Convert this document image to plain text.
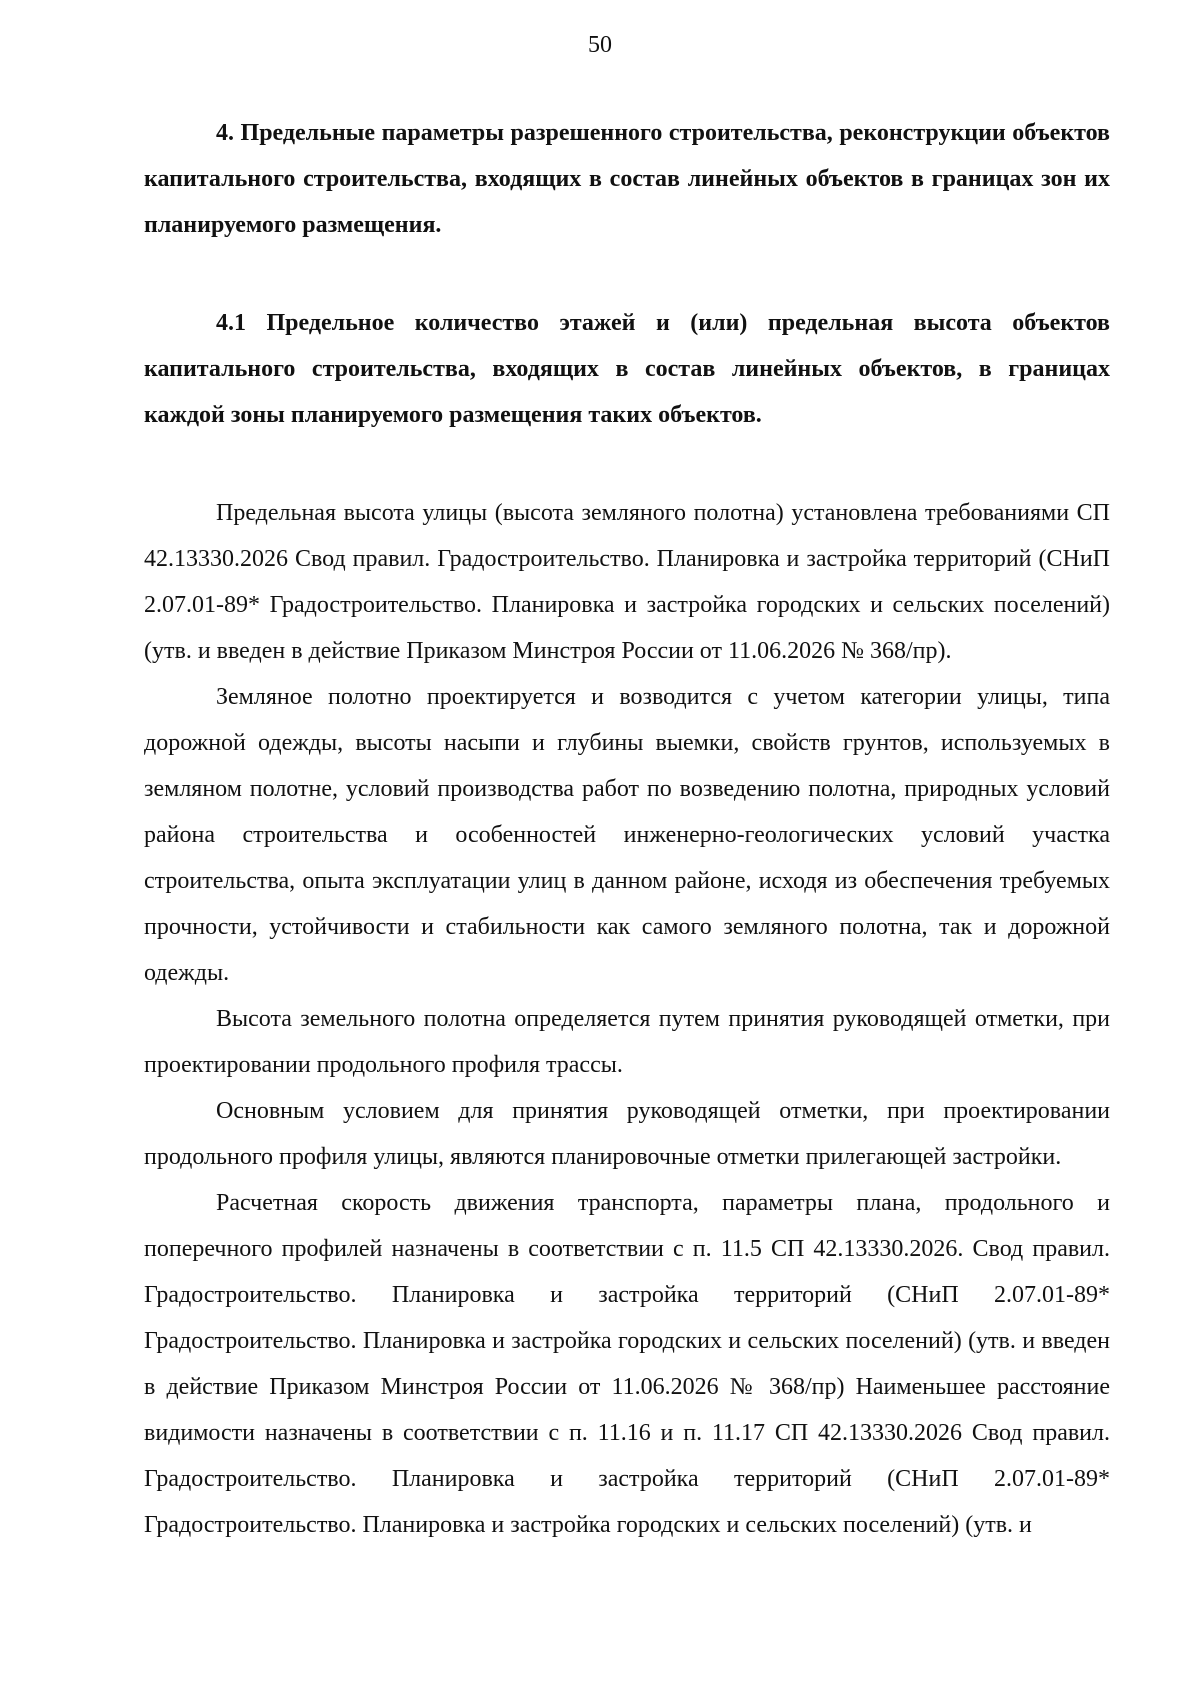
50

4. Предельные параметры разрешенного строительства, реконструкции объектов капитального строительства, входящих в состав линейных объектов в границах зон их планируемого размещения.

4.1 Предельное количество этажей и (или) предельная высота объектов капитального строительства, входящих в состав линейных объектов, в границах каждой зоны планируемого размещения таких объектов.

Предельная высота улицы (высота земляного полотна) установлена требованиями СП 42.13330.2026 Свод правил. Градостроительство. Планировка и застройка территорий (СНиП 2.07.01-89* Градостроительство. Планировка и застройка городских и сельских поселений) (утв. и введен в действие Приказом Минстроя России от 11.06.2026 № 368/пр).

Земляное полотно проектируется и возводится с учетом категории улицы, типа дорожной одежды, высоты насыпи и глубины выемки, свойств грунтов, используемых в земляном полотне, условий производства работ по возведению полотна, природных условий района строительства и особенностей инженерно-геологических условий участка строительства, опыта эксплуатации улиц в данном районе, исходя из обеспечения требуемых прочности, устойчивости и стабильности как самого земляного полотна, так и дорожной одежды.

Высота земельного полотна определяется путем принятия руководящей отметки, при проектировании продольного профиля трассы.

Основным условием для принятия руководящей отметки, при проектировании продольного профиля улицы, являются планировочные отметки прилегающей застройки.

Расчетная скорость движения транспорта, параметры плана, продольного и поперечного профилей назначены в соответствии с п. 11.5 СП 42.13330.2026. Свод правил. Градостроительство. Планировка и застройка территорий (СНиП 2.07.01-89* Градостроительство. Планировка и застройка городских и сельских поселений) (утв. и введен в действие Приказом Минстроя России от 11.06.2026 № 368/пр) Наименьшее расстояние видимости назначены в соответствии с п. 11.16 и п. 11.17 СП 42.13330.2026 Свод правил. Градостроительство. Планировка и застройка территорий (СНиП 2.07.01-89* Градостроительство. Планировка и застройка городских и сельских поселений) (утв. и
